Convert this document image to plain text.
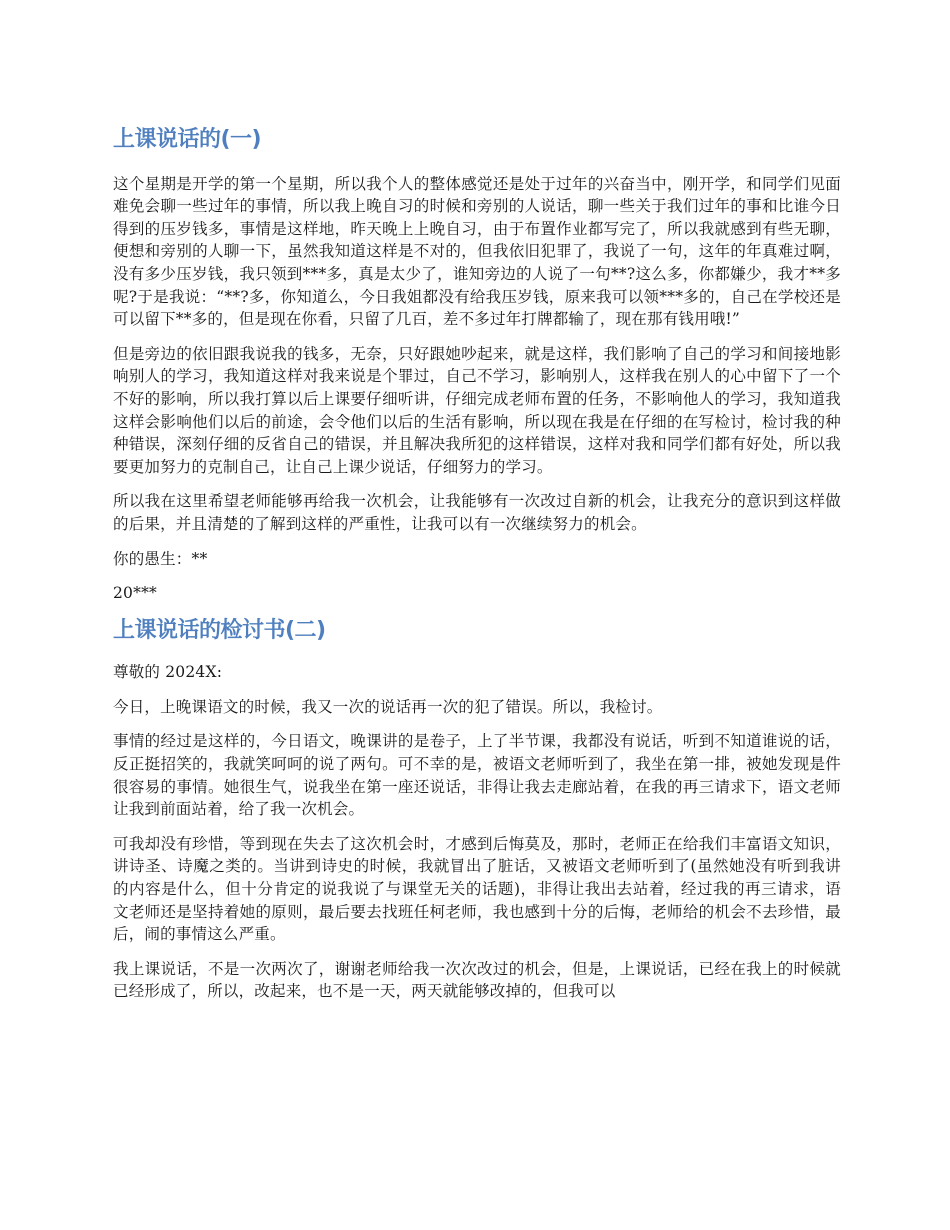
上课说话的(一)

这个星期是开学的第一个星期，所以我个人的整体感觉还是处于过年的兴奋当中，刚开学，和同学们见面难免会聊一些过年的事情，所以我上晚自习的时候和旁别的人说话，聊一些关于我们过年的事和比谁今日得到的压岁钱多，事情是这样地，昨天晚上上晚自习，由于布置作业都写完了，所以我就感到有些无聊，便想和旁别的人聊一下，虽然我知道这样是不对的，但我依旧犯罪了，我说了一句，这年的年真难过啊，没有多少压岁钱，我只领到***多，真是太少了，谁知旁边的人说了一句**?这么多，你都嫌少，我才**多呢?于是我说：“**?多，你知道么，今日我姐都没有给我压岁钱，原来我可以领***多的，自己在学校还是可以留下**多的，但是现在你看，只留了几百，差不多过年打牌都输了，现在那有钱用哦!”

但是旁边的依旧跟我说我的钱多，无奈，只好跟她吵起来，就是这样，我们影响了自己的学习和间接地影响别人的学习，我知道这样对我来说是个罪过，自己不学习，影响别人，这样我在别人的心中留下了一个不好的影响，所以我打算以后上课要仔细听讲，仔细完成老师布置的任务，不影响他人的学习，我知道我这样会影响他们以后的前途，会令他们以后的生活有影响，所以现在我是在仔细的在写检讨，检讨我的种种错误，深刻仔细的反省自己的错误，并且解决我所犯的这样错误，这样对我和同学们都有好处，所以我要更加努力的克制自己，让自己上课少说话，仔细努力的学习。

所以我在这里希望老师能够再给我一次机会，让我能够有一次改过自新的机会，让我充分的意识到这样做的后果，并且清楚的了解到这样的严重性，让我可以有一次继续努力的机会。

你的愚生：**

20***

上课说话的检讨书(二)

尊敬的 2024X:

今日，上晚课语文的时候，我又一次的说话再一次的犯了错误。所以，我检讨。

事情的经过是这样的，今日语文，晚课讲的是卷子，上了半节课，我都没有说话，听到不知道谁说的话，反正挺招笑的，我就笑呵呵的说了两句。可不幸的是，被语文老师听到了，我坐在第一排，被她发现是件很容易的事情。她很生气，说我坐在第一座还说话，非得让我去走廊站着，在我的再三请求下，语文老师让我到前面站着，给了我一次机会。

可我却没有珍惜，等到现在失去了这次机会时，才感到后悔莫及，那时，老师正在给我们丰富语文知识，讲诗圣、诗魔之类的。当讲到诗史的时候，我就冒出了脏话，又被语文老师听到了(虽然她没有听到我讲的内容是什么，但十分肯定的说我说了与课堂无关的话题)，非得让我出去站着，经过我的再三请求，语文老师还是坚持着她的原则，最后要去找班任柯老师，我也感到十分的后悔，老师给的机会不去珍惜，最后，闹的事情这么严重。

我上课说话，不是一次两次了，谢谢老师给我一次次改过的机会，但是，上课说话，已经在我上的时候就已经形成了，所以，改起来，也不是一天，两天就能够改掉的，但我可以
